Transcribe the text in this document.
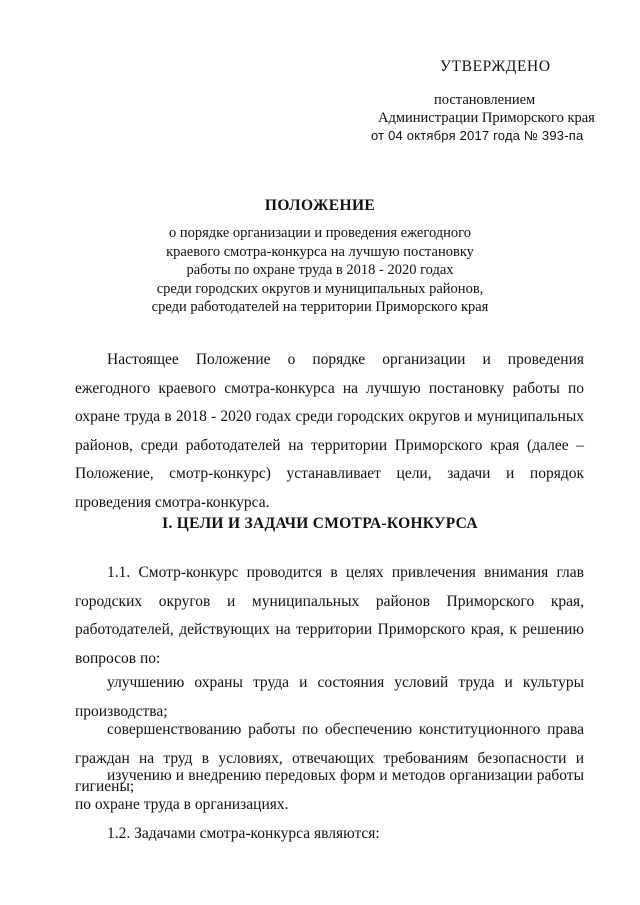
УТВЕРЖДЕНО
постановлением
Администрации Приморского края
от 04 октября 2017 года № 393-па
ПОЛОЖЕНИЕ
о порядке организации и проведения ежегодного
краевого смотра-конкурса на лучшую постановку
работы по охране труда в 2018 - 2020 годах
среди городских округов и муниципальных районов,
среди работодателей на территории Приморского края

Настоящее Положение о порядке организации и проведения ежегодного краевого смотра-конкурса на лучшую постановку работы по охране труда в 2018 - 2020 годах среди городских округов и муниципальных районов, среди работодателей на территории Приморского края (далее – Положение, смотр-конкурс) устанавливает цели, задачи и порядок проведения смотра-конкурса.

I. ЦЕЛИ И ЗАДАЧИ СМОТРА-КОНКУРСА

1.1. Смотр-конкурс проводится в целях привлечения внимания глав городских округов и муниципальных районов Приморского края, работодателей, действующих на территории Приморского края, к решению вопросов по:

улучшению охраны труда и состояния условий труда и культуры производства;

совершенствованию работы по обеспечению конституционного права граждан на труд в условиях, отвечающих требованиям безопасности и гигиены;

изучению и внедрению передовых форм и методов организации работы по охране труда в организациях.

1.2. Задачами смотра-конкурса являются:
